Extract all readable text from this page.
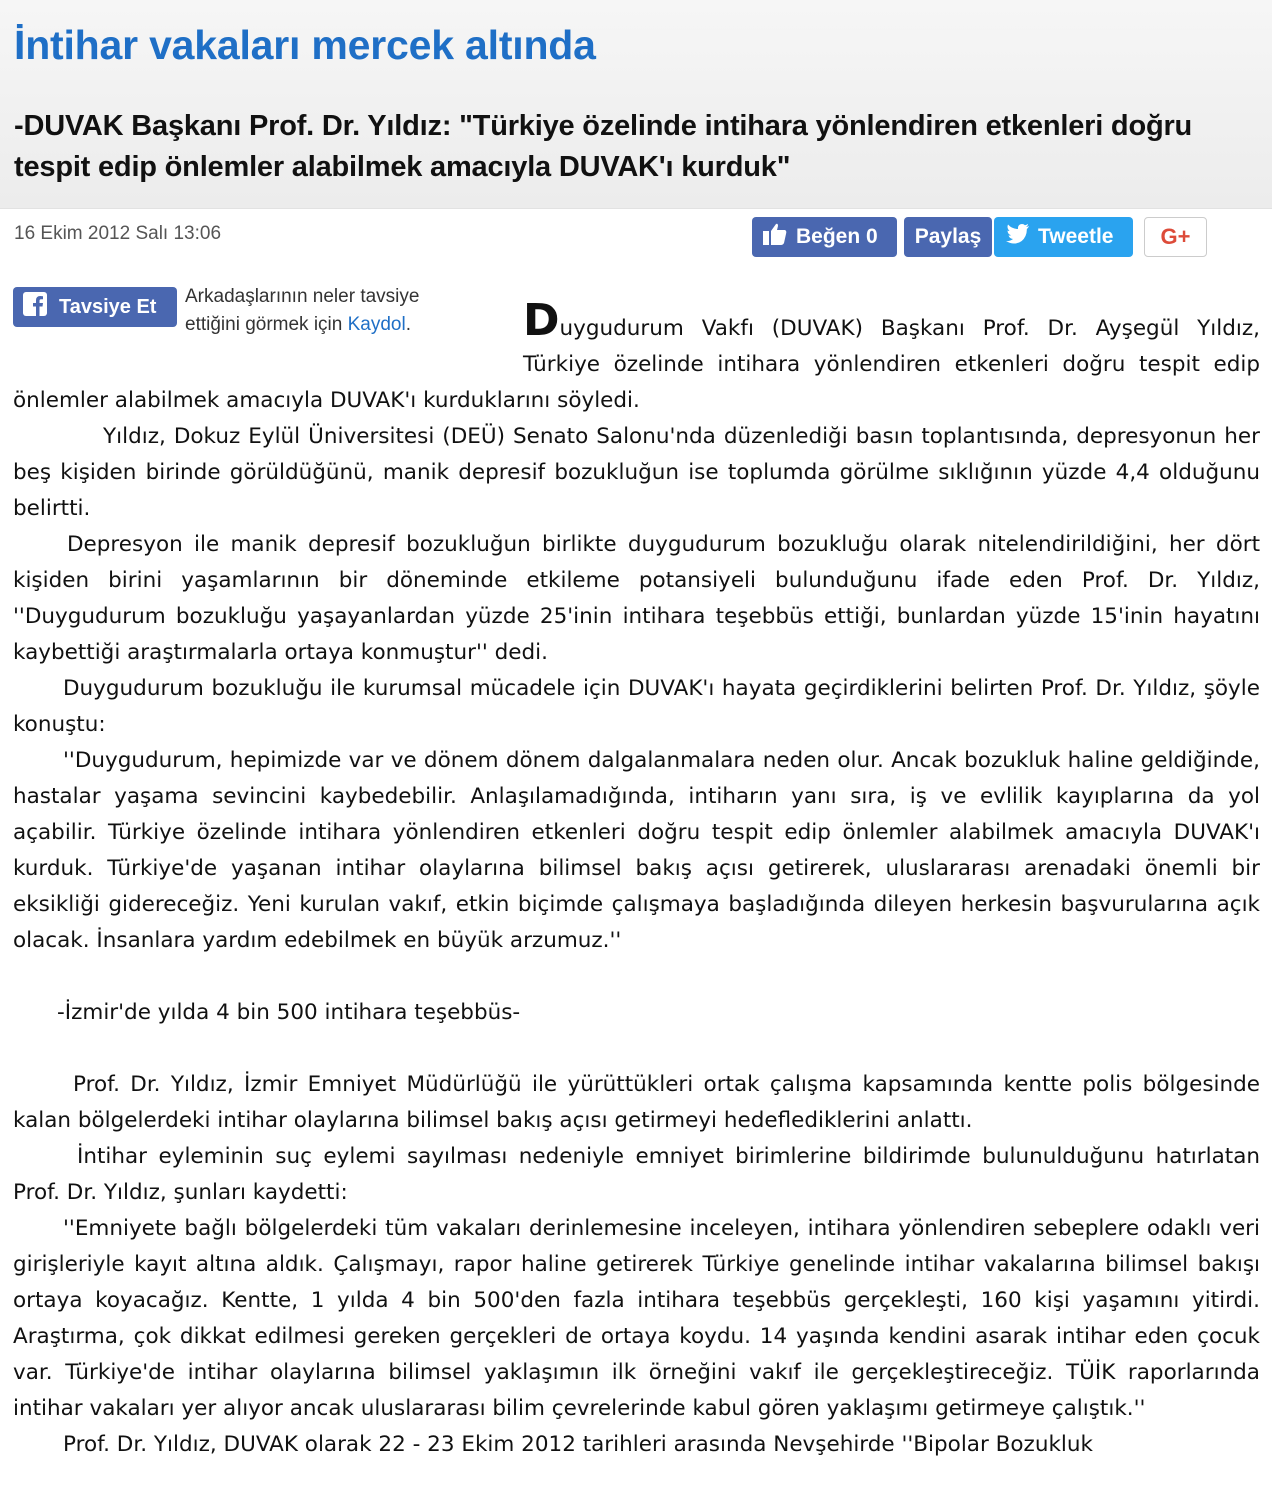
İntihar vakaları mercek altında
-DUVAK Başkanı Prof. Dr. Yıldız: "Türkiye özelinde intihara yönlendiren etkenleri doğru tespit edip önlemler alabilmek amacıyla DUVAK'ı kurduk"
16 Ekim 2012 Salı 13:06	Beğen 0 Paylaş	Tweetle G+
Tavsiye Et Arkadaşlarının neler tavsiye
ettiğini görmek için Kaydol.	Duygudurum Vakfı (DUVAK) Başkanı Prof. Dr. Ayşegül Yıldız, Türkiye özelinde intihara yönlendiren etkenleri doğru tespit edip önlemler alabilmek amacıyla DUVAK'ı kurduklarını söyledi.

Yıldız, Dokuz Eylül Üniversitesi (DEÜ) Senato Salonu'nda düzenlediği basın toplantısında, depresyonun her beş kişiden birinde görüldüğünü, manik depresif bozukluğun ise toplumda görülme sıklığının yüzde 4,4 olduğunu belirtti.

Depresyon ile manik depresif bozukluğun birlikte duygudurum bozukluğu olarak nitelendirildiğini, her dört kişiden birini yaşamlarının bir döneminde etkileme potansiyeli bulunduğunu ifade eden Prof. Dr. Yıldız, ''Duygudurum bozukluğu yaşayanlardan yüzde 25'inin intihara teşebbüs ettiği, bunlardan yüzde 15'inin hayatını kaybettiği araştırmalarla ortaya konmuştur'' dedi.

Duygudurum bozukluğu ile kurumsal mücadele için DUVAK'ı hayata geçirdiklerini belirten Prof. Dr. Yıldız, şöyle konuştu:

''Duygudurum, hepimizde var ve dönem dönem dalgalanmalara neden olur. Ancak bozukluk haline geldiğinde, hastalar yaşama sevincini kaybedebilir. Anlaşılamadığında, intiharın yanı sıra, iş ve evlilik kayıplarına da yol açabilir. Türkiye özelinde intihara yönlendiren etkenleri doğru tespit edip önlemler alabilmek amacıyla DUVAK'ı kurduk. Türkiye'de yaşanan intihar olaylarına bilimsel bakış açısı getirerek, uluslararası arenadaki önemli bir eksikliği gidereceğiz. Yeni kurulan vakıf, etkin biçimde çalışmaya başladığında dileyen herkesin başvurularına açık olacak. İnsanlara yardım edebilmek en büyük arzumuz.''

-İzmir'de yılda 4 bin 500 intihara teşebbüs-

Prof. Dr. Yıldız, İzmir Emniyet Müdürlüğü ile yürüttükleri ortak çalışma kapsamında kentte polis bölgesinde kalan bölgelerdeki intihar olaylarına bilimsel bakış açısı getirmeyi hedeflediklerini anlattı.

İntihar eyleminin suç eylemi sayılması nedeniyle emniyet birimlerine bildirimde bulunulduğunu hatırlatan Prof. Dr. Yıldız, şunları kaydetti:

''Emniyete bağlı bölgelerdeki tüm vakaları derinlemesine inceleyen, intihara yönlendiren sebeplere odaklı veri girişleriyle kayıt altına aldık. Çalışmayı, rapor haline getirerek Türkiye genelinde intihar vakalarına bilimsel bakışı ortaya koyacağız. Kentte, 1 yılda 4 bin 500'den fazla intihara teşebbüs gerçekleşti, 160 kişi yaşamını yitirdi. Araştırma, çok dikkat edilmesi gereken gerçekleri de ortaya koydu. 14 yaşında kendini asarak intihar eden çocuk var. Türkiye'de intihar olaylarına bilimsel yaklaşımın ilk örneğini vakıf ile gerçekleştireceğiz. TÜİK raporlarında intihar vakaları yer alıyor ancak uluslararası bilim çevrelerinde kabul gören yaklaşımı getirmeye çalıştık.''

Prof. Dr. Yıldız, DUVAK olarak 22 - 23 Ekim 2012 tarihleri arasında Nevşehirde ''Bipolar Bozukluk
